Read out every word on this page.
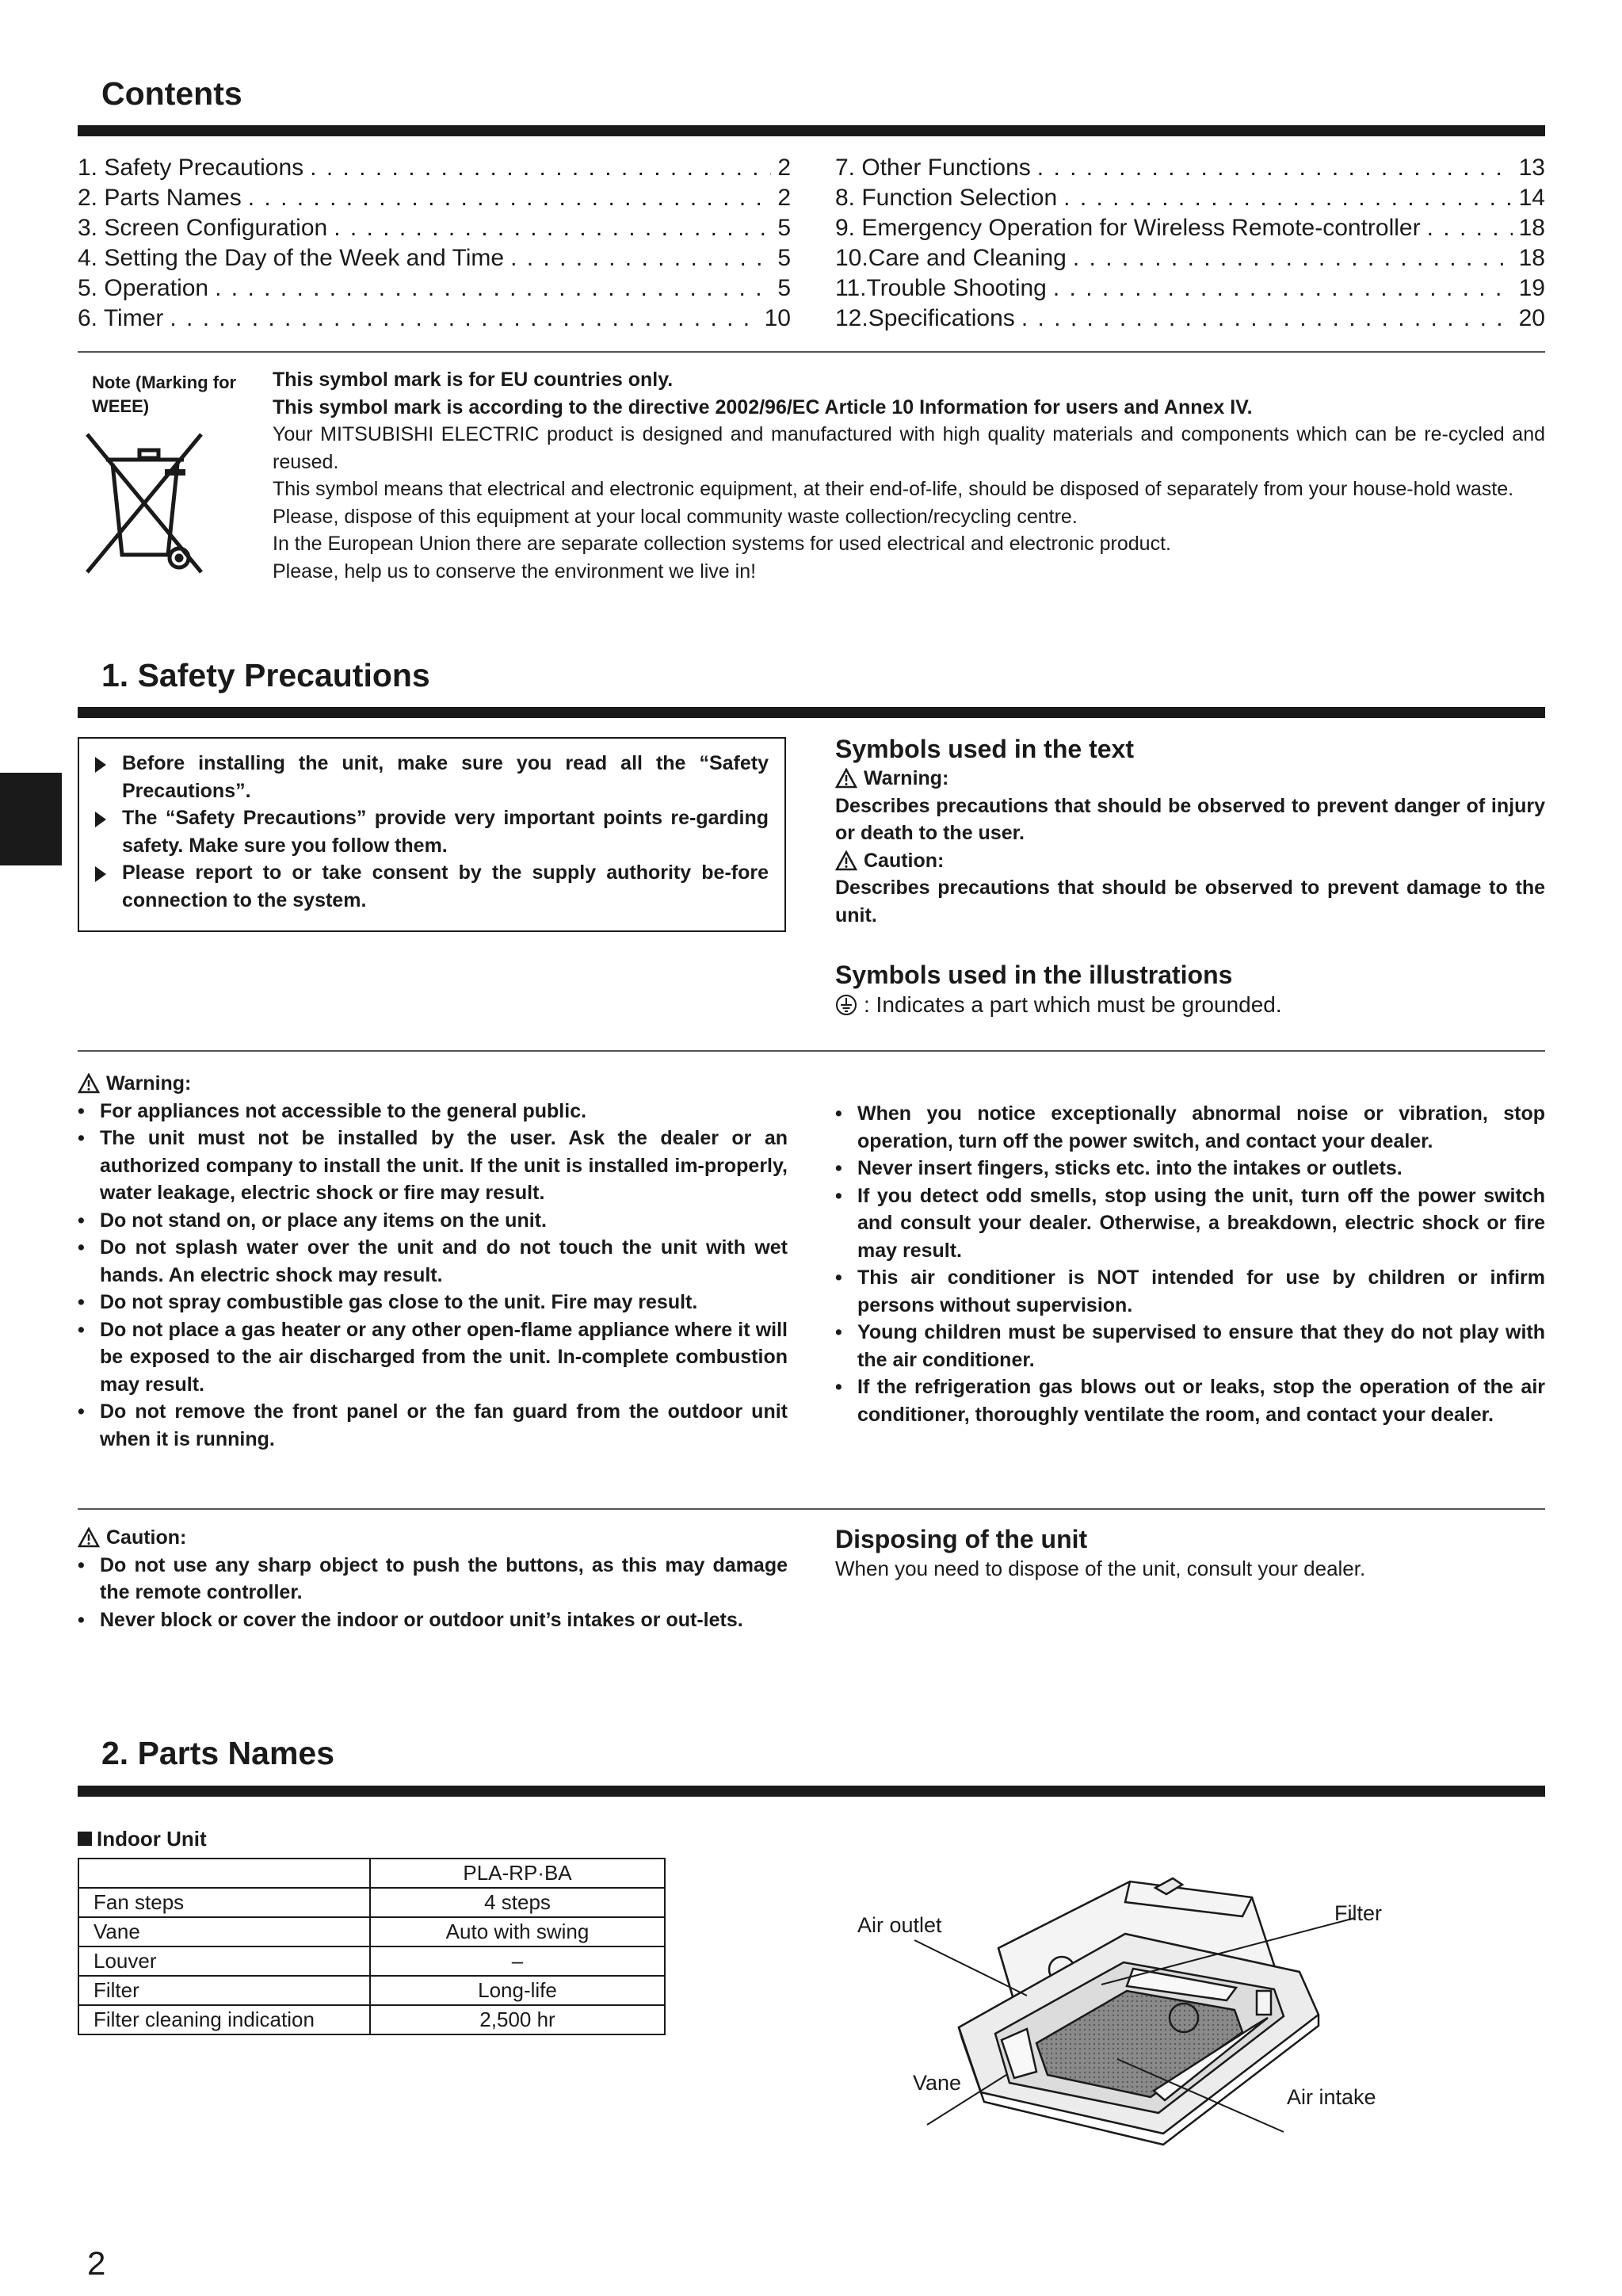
Contents
1. Safety Precautions . . .	2
2. Parts Names . . .	2
3. Screen Configuration . . .	5
4. Setting the Day of the Week and Time . . .	5
5. Operation . . .	5
6. Timer . . .	10
7. Other Functions . . .	13
8. Function Selection . . .	14
9. Emergency Operation for Wireless Remote-controller . . .	18
10.Care and Cleaning . . .	18
11.Trouble Shooting . . .	19
12.Specifications . . .	20
Note (Marking for
WEEE)
This symbol mark is for EU countries only.
This symbol mark is according to the directive 2002/96/EC Article 10 Information for users and Annex IV.
Your MITSUBISHI ELECTRIC product is designed and manufactured with high quality materials and components which can be re-cycled and reused.
This symbol means that electrical and electronic equipment, at their end-of-life, should be disposed of separately from your house-hold waste.
Please, dispose of this equipment at your local community waste collection/recycling centre.
In the European Union there are separate collection systems for used electrical and electronic product.
Please, help us to conserve the environment we live in!
1. Safety Precautions
Before installing the unit, make sure you read all the “Safety Precautions”.
The “Safety Precautions” provide very important points re-garding safety. Make sure you follow them.
Please report to or take consent by the supply authority be-fore connection to the system.
Symbols used in the text
Warning:
Describes precautions that should be observed to prevent danger of injury or death to the user.
Caution:
Describes precautions that should be observed to prevent damage to the unit.
Symbols used in the illustrations
: Indicates a part which must be grounded.
Warning:
• For appliances not accessible to the general public.
• The unit must not be installed by the user. Ask the dealer or an authorized company to install the unit. If the unit is installed im-properly, water leakage, electric shock or fire may result.
• Do not stand on, or place any items on the unit.
• Do not splash water over the unit and do not touch the unit with wet hands. An electric shock may result.
• Do not spray combustible gas close to the unit. Fire may result.
• Do not place a gas heater or any other open-flame appliance where it will be exposed to the air discharged from the unit. In-complete combustion may result.
• Do not remove the front panel or the fan guard from the outdoor unit when it is running.
• When you notice exceptionally abnormal noise or vibration, stop operation, turn off the power switch, and contact your dealer.
• Never insert fingers, sticks etc. into the intakes or outlets.
• If you detect odd smells, stop using the unit, turn off the power switch and consult your dealer. Otherwise, a breakdown, electric shock or fire may result.
• This air conditioner is NOT intended for use by children or infirm persons without supervision.
• Young children must be supervised to ensure that they do not play with the air conditioner.
• If the refrigeration gas blows out or leaks, stop the operation of the air conditioner, thoroughly ventilate the room, and contact your dealer.
Caution:
• Do not use any sharp object to push the buttons, as this may damage the remote controller.
• Never block or cover the indoor or outdoor unit’s intakes or out-lets.
Disposing of the unit
When you need to dispose of the unit, consult your dealer.
2. Parts Names
Indoor Unit
	PLA-RP·BA
Fan steps	4 steps
Vane	Auto with swing
Louver	–
Filter	Long-life
Filter cleaning indication	2,500 hr
Air outlet	Filter
Vane
Air intake
2
